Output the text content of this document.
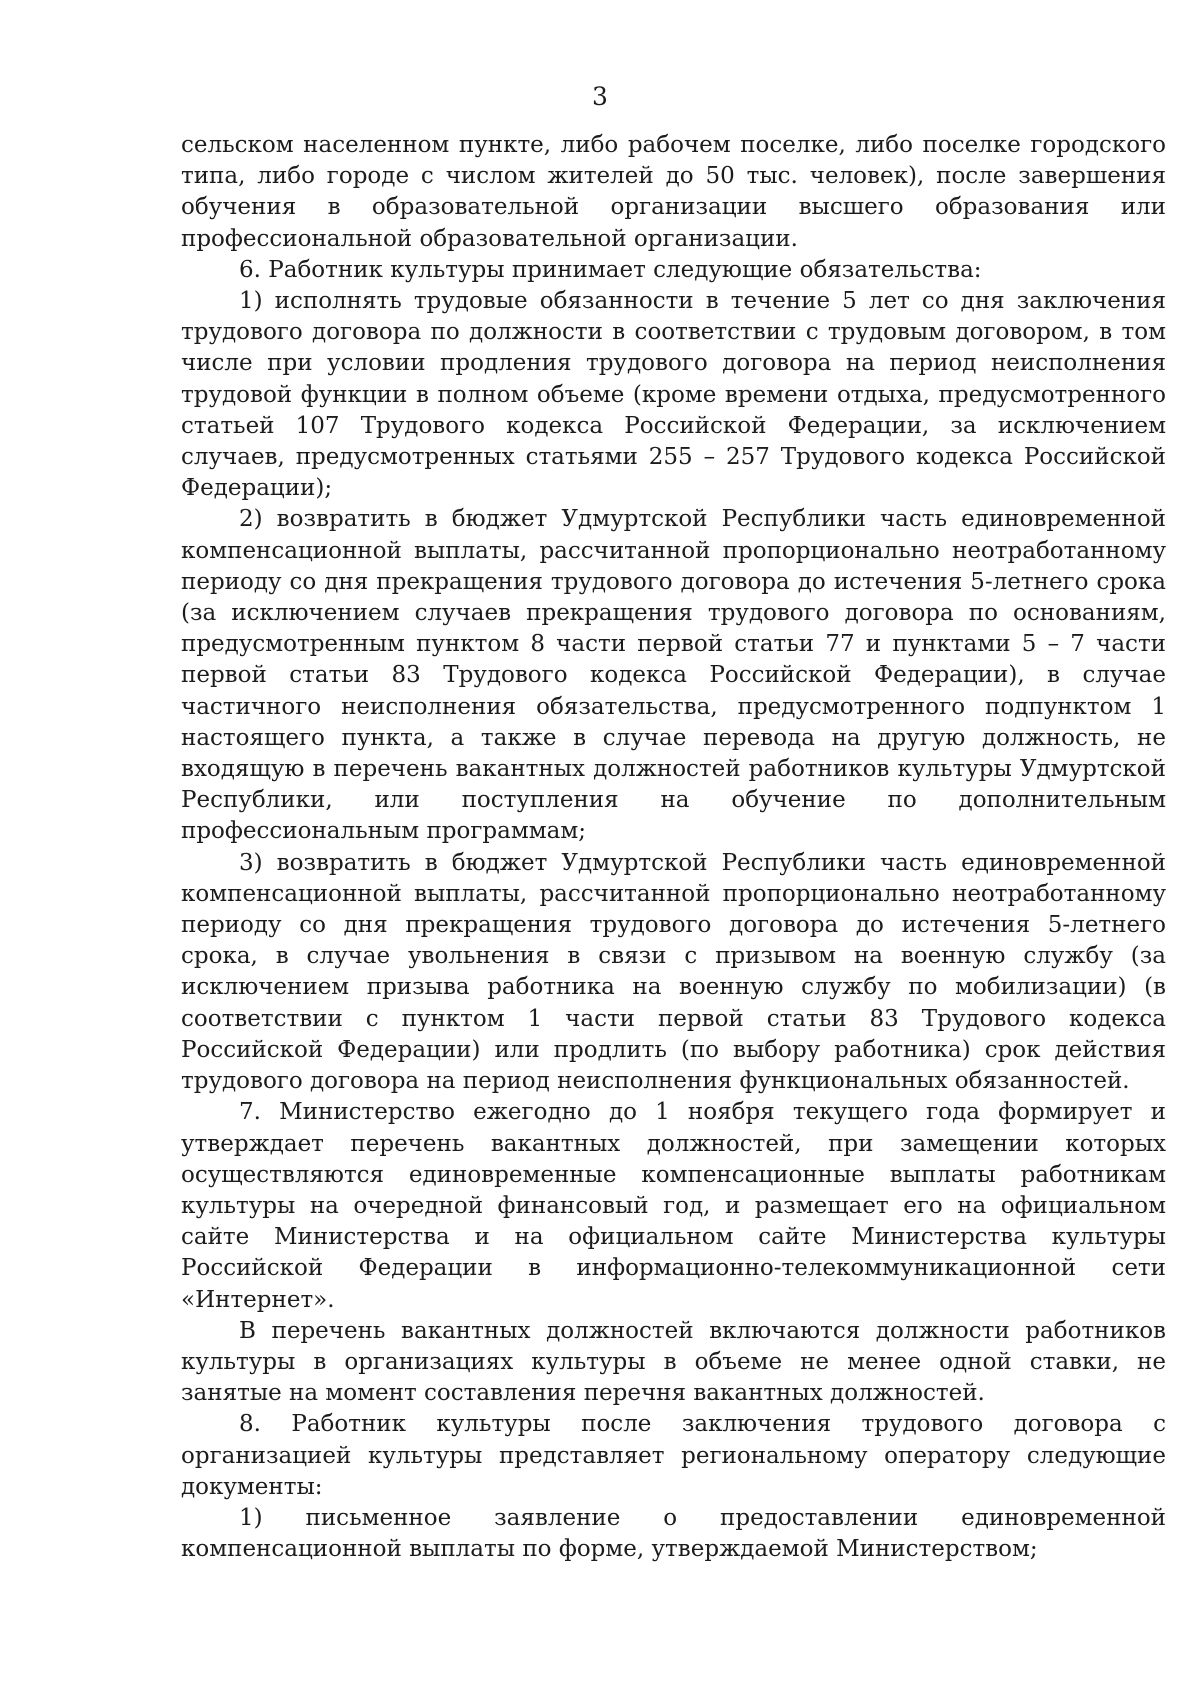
3

сельском населенном пункте, либо рабочем поселке, либо поселке городского типа, либо городе с числом жителей до 50 тыс. человек), после завершения обучения в образовательной организации высшего образования или профессиональной образовательной организации.

6. Работник культуры принимает следующие обязательства:

1) исполнять трудовые обязанности в течение 5 лет со дня заключения трудового договора по должности в соответствии с трудовым договором, в том числе при условии продления трудового договора на период неисполнения трудовой функции в полном объеме (кроме времени отдыха, предусмотренного статьей 107 Трудового кодекса Российской Федерации, за исключением случаев, предусмотренных статьями 255 – 257 Трудового кодекса Российской Федерации);

2) возвратить в бюджет Удмуртской Республики часть единовременной компенсационной выплаты, рассчитанной пропорционально неотработанному периоду со дня прекращения трудового договора до истечения 5-летнего срока (за исключением случаев прекращения трудового договора по основаниям, предусмотренным пунктом 8 части первой статьи 77 и пунктами 5 – 7 части первой статьи 83 Трудового кодекса Российской Федерации), в случае частичного неисполнения обязательства, предусмотренного подпунктом 1 настоящего пункта, а также в случае перевода на другую должность, не входящую в перечень вакантных должностей работников культуры Удмуртской Республики, или поступления на обучение по дополнительным профессиональным программам;

3) возвратить в бюджет Удмуртской Республики часть единовременной компенсационной выплаты, рассчитанной пропорционально неотработанному периоду со дня прекращения трудового договора до истечения 5-летнего срока, в случае увольнения в связи с призывом на военную службу (за исключением призыва работника на военную службу по мобилизации) (в соответствии с пунктом 1 части первой статьи 83 Трудового кодекса Российской Федерации) или продлить (по выбору работника) срок действия трудового договора на период неисполнения функциональных обязанностей.

7. Министерство ежегодно до 1 ноября текущего года формирует и утверждает перечень вакантных должностей, при замещении которых осуществляются единовременные компенсационные выплаты работникам культуры на очередной финансовый год, и размещает его на официальном сайте Министерства и на официальном сайте Министерства культуры Российской Федерации в информационно-телекоммуникационной сети «Интернет».

В перечень вакантных должностей включаются должности работников культуры в организациях культуры в объеме не менее одной ставки, не занятые на момент составления перечня вакантных должностей.

8. Работник культуры после заключения трудового договора с организацией культуры представляет региональному оператору следующие документы:

1) письменное заявление о предоставлении единовременной компенсационной выплаты по форме, утверждаемой Министерством;
